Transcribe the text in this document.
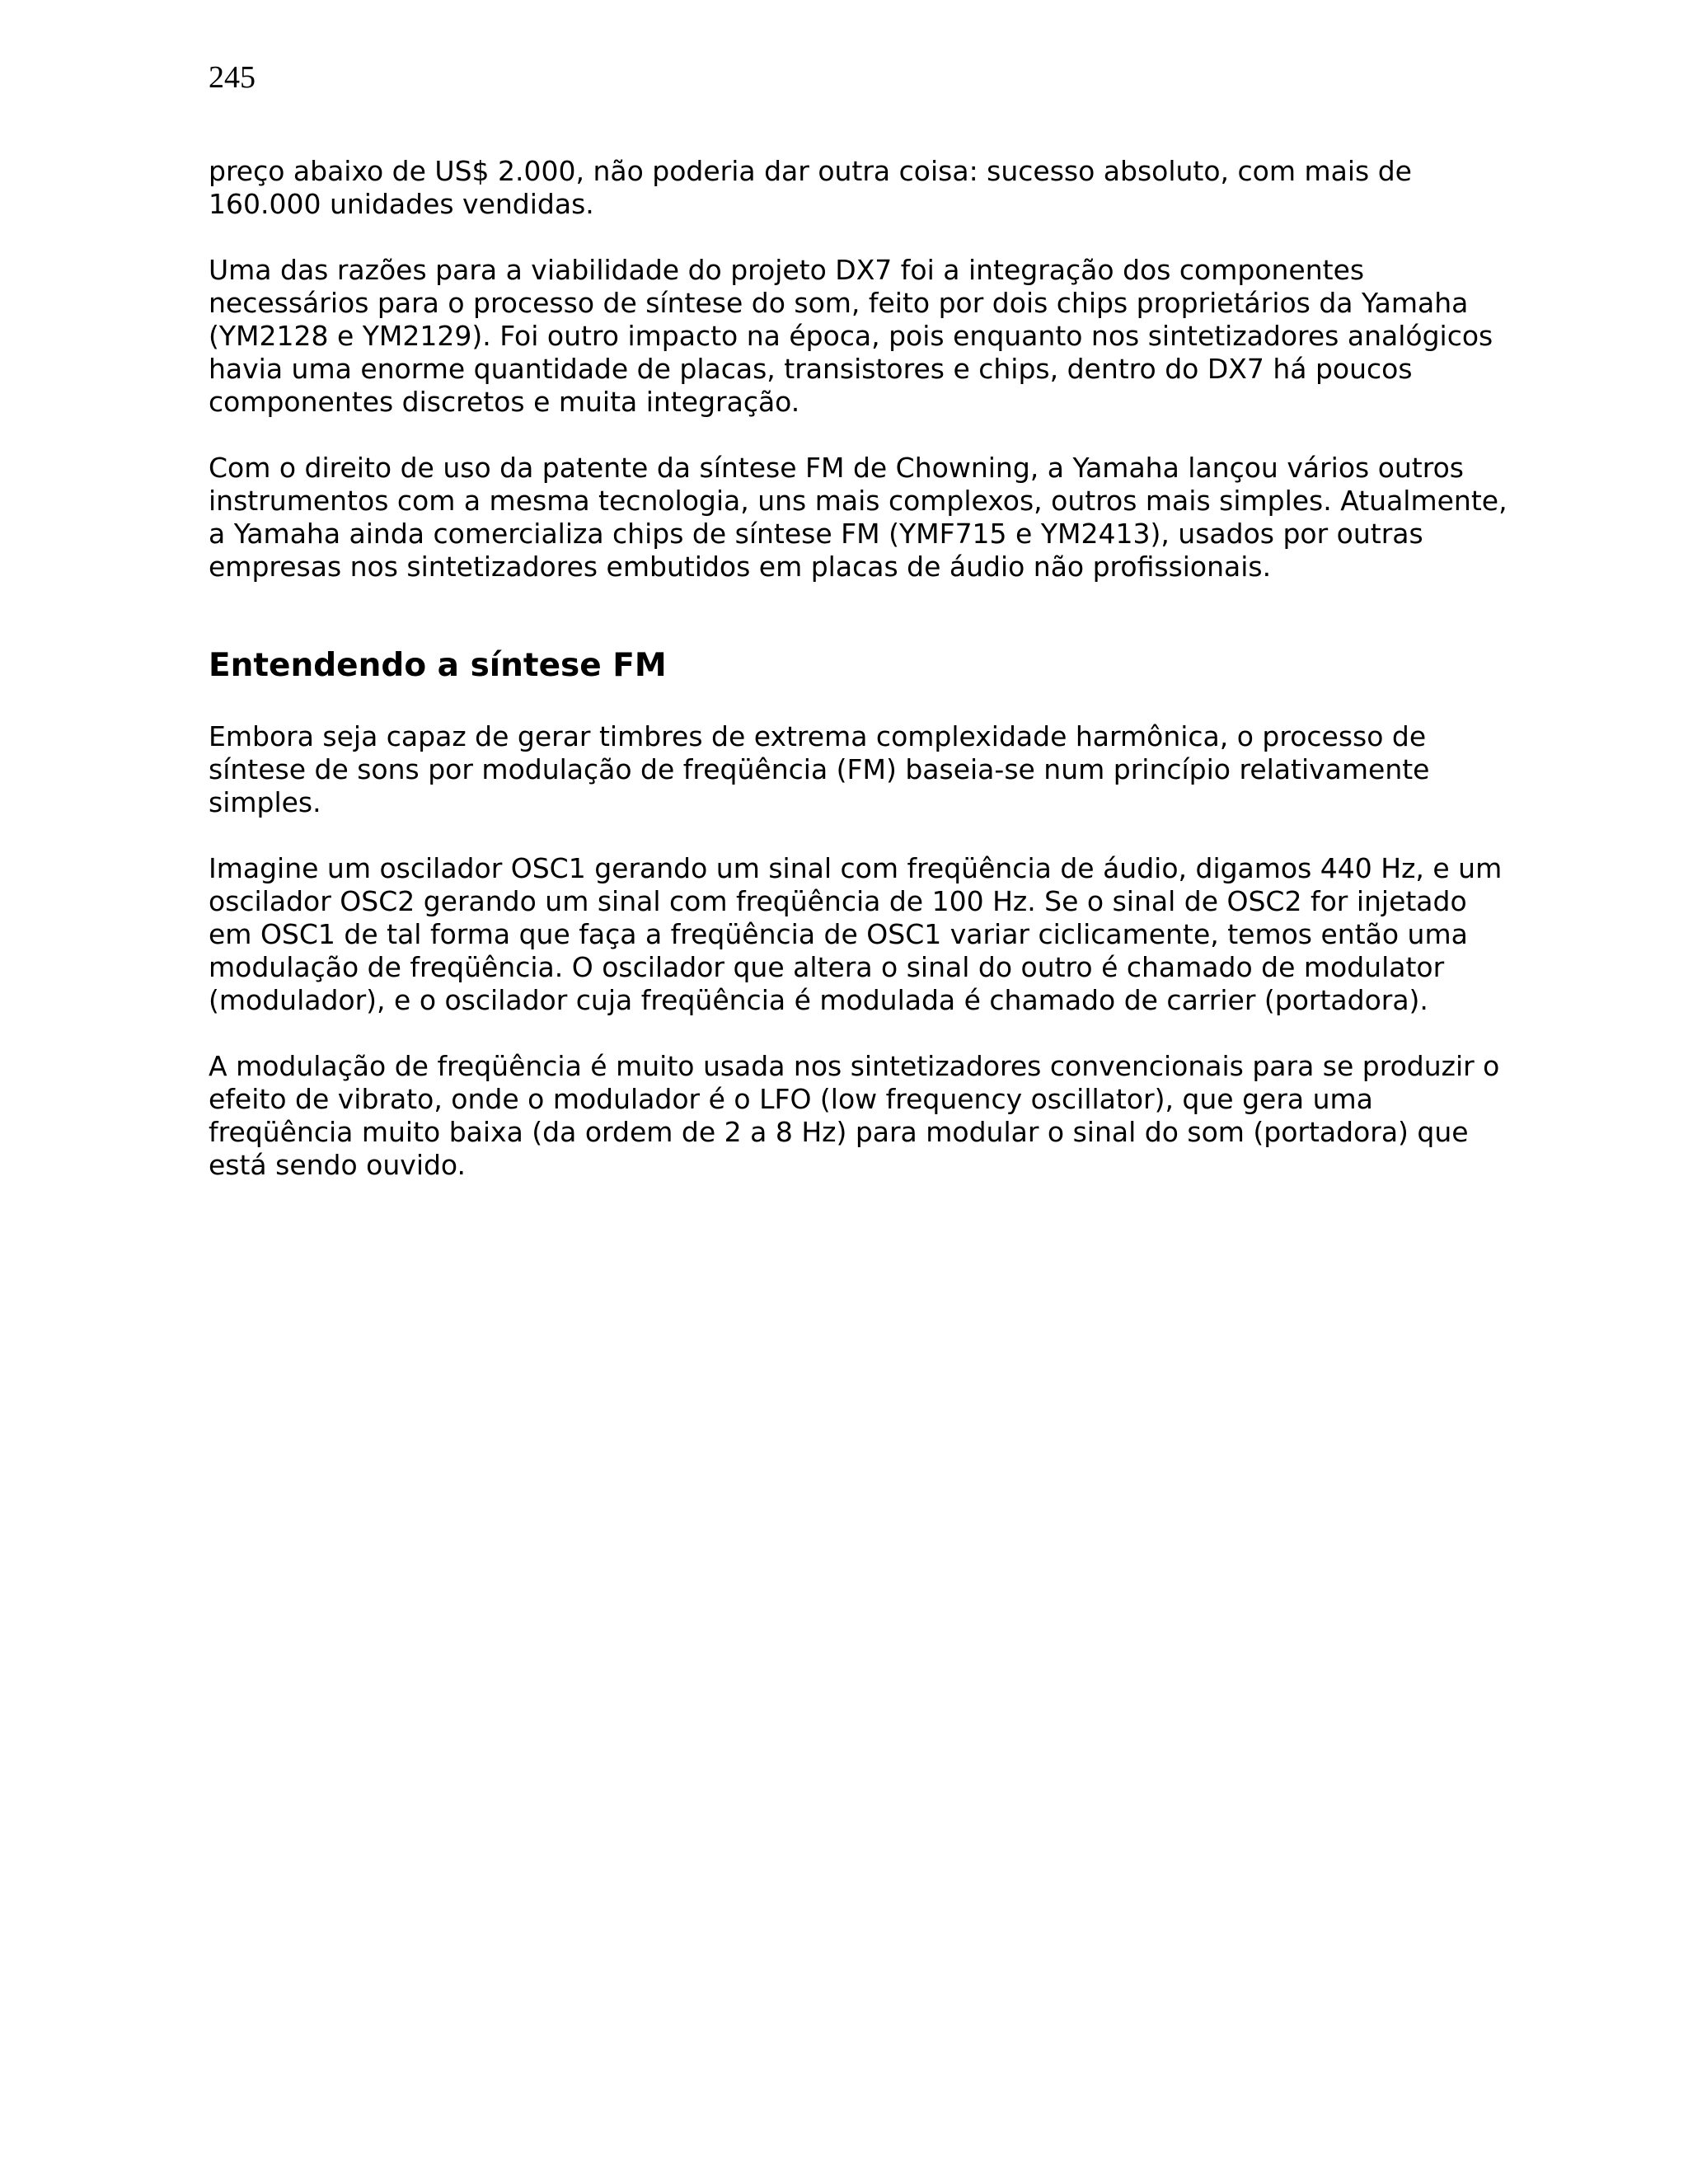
245

preço abaixo de US$ 2.000, não poderia dar outra coisa: sucesso absoluto, com mais de
160.000 unidades vendidas.

Uma das razões para a viabilidade do projeto DX7 foi a integração dos componentes
necessários para o processo de síntese do som, feito por dois chips proprietários da Yamaha
(YM2128 e YM2129). Foi outro impacto na época, pois enquanto nos sintetizadores analógicos
havia uma enorme quantidade de placas, transistores e chips, dentro do DX7 há poucos
componentes discretos e muita integração.

Com o direito de uso da patente da síntese FM de Chowning, a Yamaha lançou vários outros
instrumentos com a mesma tecnologia, uns mais complexos, outros mais simples. Atualmente,
a Yamaha ainda comercializa chips de síntese FM (YMF715 e YM2413), usados por outras
empresas nos sintetizadores embutidos em placas de áudio não profissionais.

Entendendo a síntese FM

Embora seja capaz de gerar timbres de extrema complexidade harmônica, o processo de
síntese de sons por modulação de freqüência (FM) baseia-se num princípio relativamente
simples.

Imagine um oscilador OSC1 gerando um sinal com freqüência de áudio, digamos 440 Hz, e um
oscilador OSC2 gerando um sinal com freqüência de 100 Hz. Se o sinal de OSC2 for injetado
em OSC1 de tal forma que faça a freqüência de OSC1 variar ciclicamente, temos então uma
modulação de freqüência. O oscilador que altera o sinal do outro é chamado de modulator
(modulador), e o oscilador cuja freqüência é modulada é chamado de carrier (portadora).

A modulação de freqüência é muito usada nos sintetizadores convencionais para se produzir o
efeito de vibrato, onde o modulador é o LFO (low frequency oscillator), que gera uma
freqüência muito baixa (da ordem de 2 a 8 Hz) para modular o sinal do som (portadora) que
está sendo ouvido.
